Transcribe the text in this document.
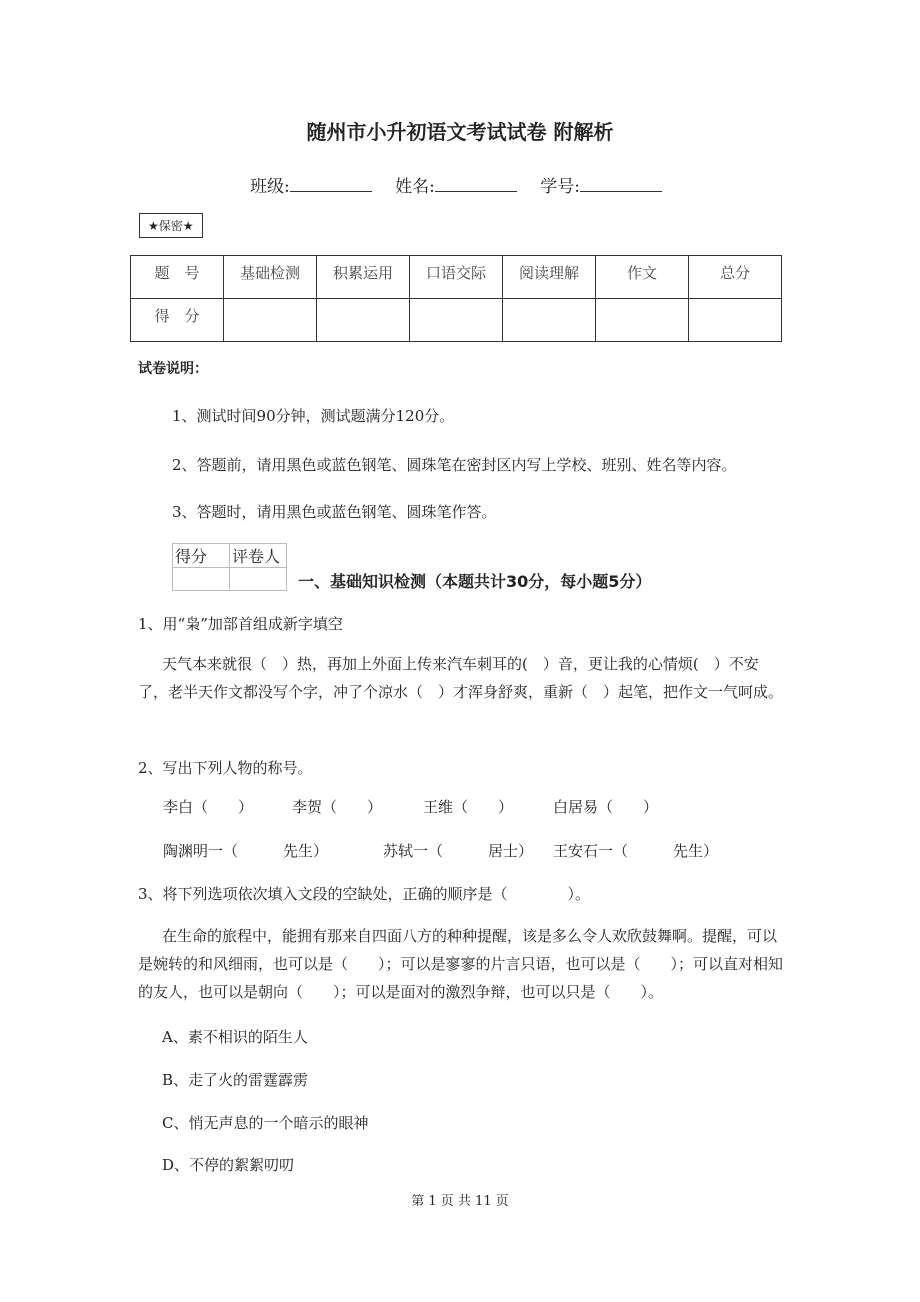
随州市小升初语文考试试卷 附解析
班级:	姓名:	学号:
★保密★
题　号	基础检测	积累运用	口语交际	阅读理解	作文	总分
得　分						
试卷说明：
1、测试时间90分钟，测试题满分120分。
2、答题前，请用黑色或蓝色钢笔、圆珠笔在密封区内写上学校、班别、姓名等内容。
3、答题时，请用黑色或蓝色钢笔、圆珠笔作答。
得分	评卷人

一、基础知识检测（本题共计30分，每小题5分）
1、用“枭”加部首组成新字填空
天气本来就很（　）热，再加上外面上传来汽车刺耳的(　）音，更让我的心情烦(　）不安了，老半天作文都没写个字，冲了个凉水（　）才浑身舒爽，重新（　）起笔，把作文一气呵成。
2、写出下列人物的称号。
李白（　　）	李贺（　　）	王维（　　）	白居易（　　）
陶渊明一（　　　先生）	苏轼一（　　　居士） 王安石一（　　　先生）
3、将下列选项依次填入文段的空缺处，正确的顺序是（　　　　）。
在生命的旅程中，能拥有那来自四面八方的种种提醒，该是多么令人欢欣鼓舞啊。提醒，可以是婉转的和风细雨，也可以是（　　）；可以是寥寥的片言只语，也可以是（　　）；可以直对相知的友人，也可以是朝向（　　）；可以是面对的激烈争辩，也可以只是（　　）。
A、素不相识的陌生人
B、走了火的雷霆霹雳
C、悄无声息的一个暗示的眼神
D、不停的絮絮叨叨
第 1 页 共 11 页
